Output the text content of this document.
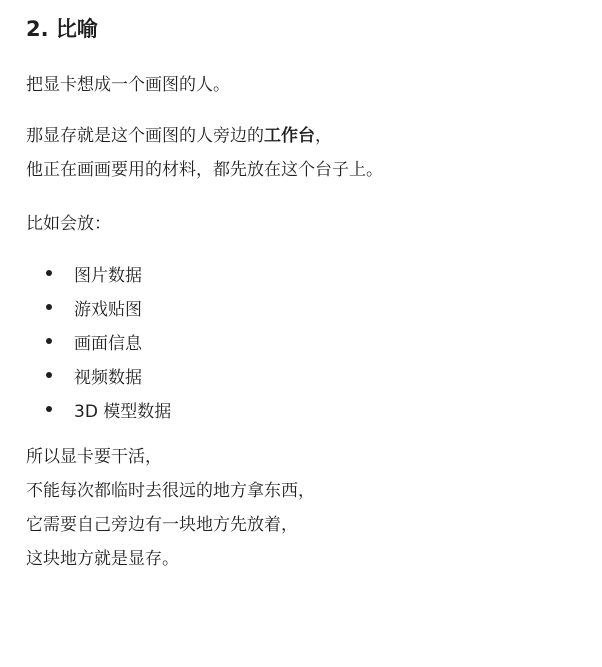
2. 比喻

把显卡想成一个画图的人。

那显存就是这个画图的人旁边的工作台，
他正在画画要用的材料，都先放在这个台子上。

比如会放：

图片数据
游戏贴图
画面信息
视频数据
3D 模型数据

所以显卡要干活，
不能每次都临时去很远的地方拿东西，
它需要自己旁边有一块地方先放着，
这块地方就是显存。
